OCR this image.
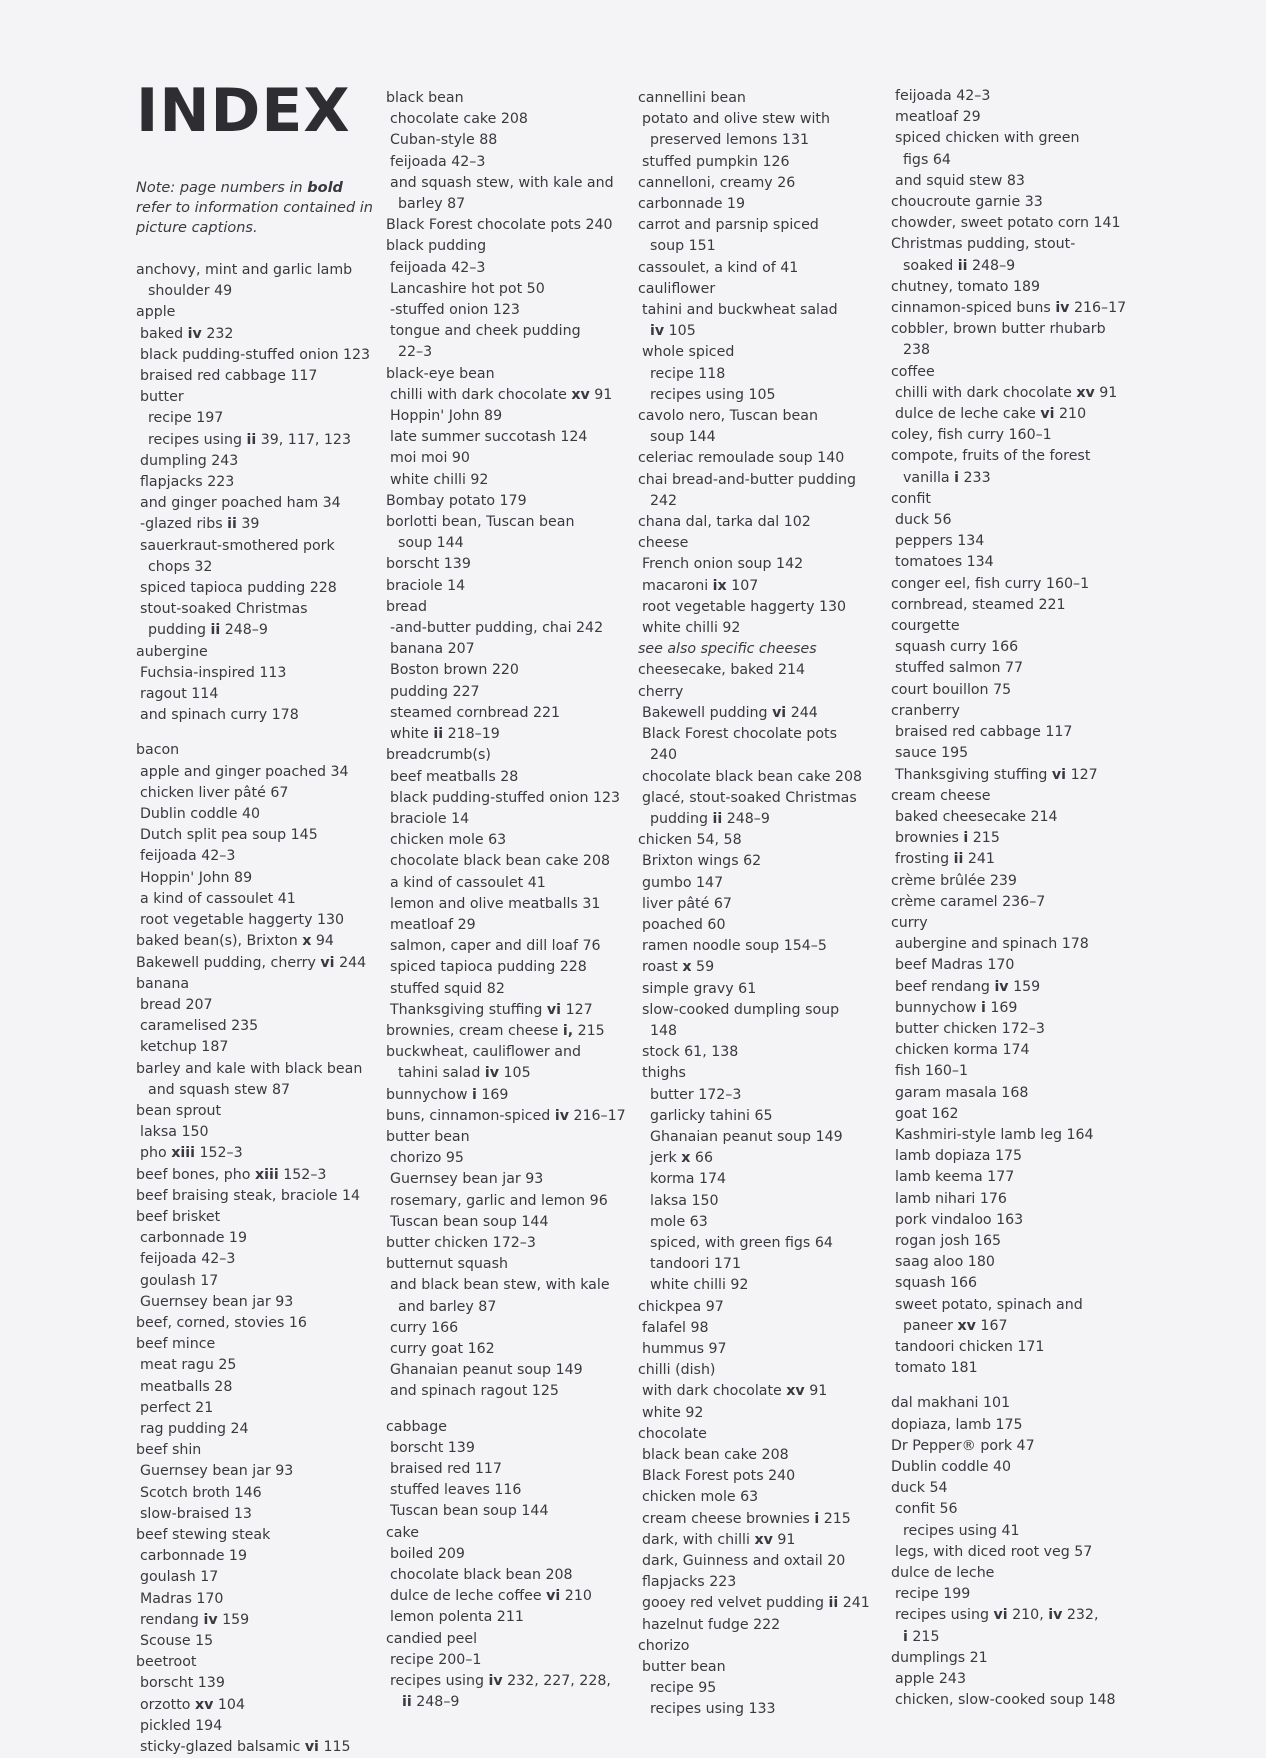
INDEX
Note: page numbers in bold refer to information contained in picture captions.
anchovy, mint and garlic lamb
shoulder 49
apple
baked iv 232
black pudding-stuffed onion 123
braised red cabbage 117
butter
recipe 197
recipes using ii 39, 117, 123
dumpling 243
flapjacks 223
and ginger poached ham 34
-glazed ribs ii 39
sauerkraut-smothered pork
chops 32
spiced tapioca pudding 228
stout-soaked Christmas
pudding ii 248–9
aubergine
Fuchsia-inspired 113
ragout 114
and spinach curry 178
bacon
apple and ginger poached 34
chicken liver pâté 67
Dublin coddle 40
Dutch split pea soup 145
feijoada 42–3
Hoppin' John 89
a kind of cassoulet 41
root vegetable haggerty 130
baked bean(s), Brixton x 94
Bakewell pudding, cherry vi 244
banana
bread 207
caramelised 235
ketchup 187
barley and kale with black bean
and squash stew 87
bean sprout
laksa 150
pho xiii 152–3
beef bones, pho xiii 152–3
beef braising steak, braciole 14
beef brisket
carbonnade 19
feijoada 42–3
goulash 17
Guernsey bean jar 93
beef, corned, stovies 16
beef mince
meat ragu 25
meatballs 28
perfect 21
rag pudding 24
beef shin
Guernsey bean jar 93
Scotch broth 146
slow-braised 13
beef stewing steak
carbonnade 19
goulash 17
Madras 170
rendang iv 159
Scouse 15
beetroot
borscht 139
orzotto xv 104
pickled 194
sticky-glazed balsamic vi 115
black bean
chocolate cake 208
Cuban-style 88
feijoada 42–3
and squash stew, with kale and
barley 87
Black Forest chocolate pots 240
black pudding
feijoada 42–3
Lancashire hot pot 50
-stuffed onion 123
tongue and cheek pudding
22–3
black-eye bean
chilli with dark chocolate xv 91
Hoppin' John 89
late summer succotash 124
moi moi 90
white chilli 92
Bombay potato 179
borlotti bean, Tuscan bean
soup 144
borscht 139
braciole 14
bread
-and-butter pudding, chai 242
banana 207
Boston brown 220
pudding 227
steamed cornbread 221
white ii 218–19
breadcrumb(s)
beef meatballs 28
black pudding-stuffed onion 123
braciole 14
chicken mole 63
chocolate black bean cake 208
a kind of cassoulet 41
lemon and olive meatballs 31
meatloaf 29
salmon, caper and dill loaf 76
spiced tapioca pudding 228
stuffed squid 82
Thanksgiving stuffing vi 127
brownies, cream cheese i, 215
buckwheat, cauliflower and
tahini salad iv 105
bunnychow i 169
buns, cinnamon-spiced iv 216–17
butter bean
chorizo 95
Guernsey bean jar 93
rosemary, garlic and lemon 96
Tuscan bean soup 144
butter chicken 172–3
butternut squash
and black bean stew, with kale
and barley 87
curry 166
curry goat 162
Ghanaian peanut soup 149
and spinach ragout 125
cabbage
borscht 139
braised red 117
stuffed leaves 116
Tuscan bean soup 144
cake
boiled 209
chocolate black bean 208
dulce de leche coffee vi 210
lemon polenta 211
candied peel
recipe 200–1
recipes using iv 232, 227, 228,
ii 248–9
cannellini bean
potato and olive stew with
preserved lemons 131
stuffed pumpkin 126
cannelloni, creamy 26
carbonnade 19
carrot and parsnip spiced
soup 151
cassoulet, a kind of 41
cauliflower
tahini and buckwheat salad
iv 105
whole spiced
recipe 118
recipes using 105
cavolo nero, Tuscan bean
soup 144
celeriac remoulade soup 140
chai bread-and-butter pudding
242
chana dal, tarka dal 102
cheese
French onion soup 142
macaroni ix 107
root vegetable haggerty 130
white chilli 92
see also specific cheeses
cheesecake, baked 214
cherry
Bakewell pudding vi 244
Black Forest chocolate pots
240
chocolate black bean cake 208
glacé, stout-soaked Christmas
pudding ii 248–9
chicken 54, 58
Brixton wings 62
gumbo 147
liver pâté 67
poached 60
ramen noodle soup 154–5
roast x 59
simple gravy 61
slow-cooked dumpling soup
148
stock 61, 138
thighs
butter 172–3
garlicky tahini 65
Ghanaian peanut soup 149
jerk x 66
korma 174
laksa 150
mole 63
spiced, with green figs 64
tandoori 171
white chilli 92
chickpea 97
falafel 98
hummus 97
chilli (dish)
with dark chocolate xv 91
white 92
chocolate
black bean cake 208
Black Forest pots 240
chicken mole 63
cream cheese brownies i 215
dark, with chilli xv 91
dark, Guinness and oxtail 20
flapjacks 223
gooey red velvet pudding ii 241
hazelnut fudge 222
chorizo
butter bean
recipe 95
recipes using 133
feijoada 42–3
meatloaf 29
spiced chicken with green
figs 64
and squid stew 83
choucroute garnie 33
chowder, sweet potato corn 141
Christmas pudding, stout-
soaked ii 248–9
chutney, tomato 189
cinnamon-spiced buns iv 216–17
cobbler, brown butter rhubarb
238
coffee
chilli with dark chocolate xv 91
dulce de leche cake vi 210
coley, fish curry 160–1
compote, fruits of the forest
vanilla i 233
confit
duck 56
peppers 134
tomatoes 134
conger eel, fish curry 160–1
cornbread, steamed 221
courgette
squash curry 166
stuffed salmon 77
court bouillon 75
cranberry
braised red cabbage 117
sauce 195
Thanksgiving stuffing vi 127
cream cheese
baked cheesecake 214
brownies i 215
frosting ii 241
crème brûlée 239
crème caramel 236–7
curry
aubergine and spinach 178
beef Madras 170
beef rendang iv 159
bunnychow i 169
butter chicken 172–3
chicken korma 174
fish 160–1
garam masala 168
goat 162
Kashmiri-style lamb leg 164
lamb dopiaza 175
lamb keema 177
lamb nihari 176
pork vindaloo 163
rogan josh 165
saag aloo 180
squash 166
sweet potato, spinach and
paneer xv 167
tandoori chicken 171
tomato 181
dal makhani 101
dopiaza, lamb 175
Dr Pepper® pork 47
Dublin coddle 40
duck 54
confit 56
recipes using 41
legs, with diced root veg 57
dulce de leche
recipe 199
recipes using vi 210, iv 232,
i 215
dumplings 21
apple 243
chicken, slow-cooked soup 148
